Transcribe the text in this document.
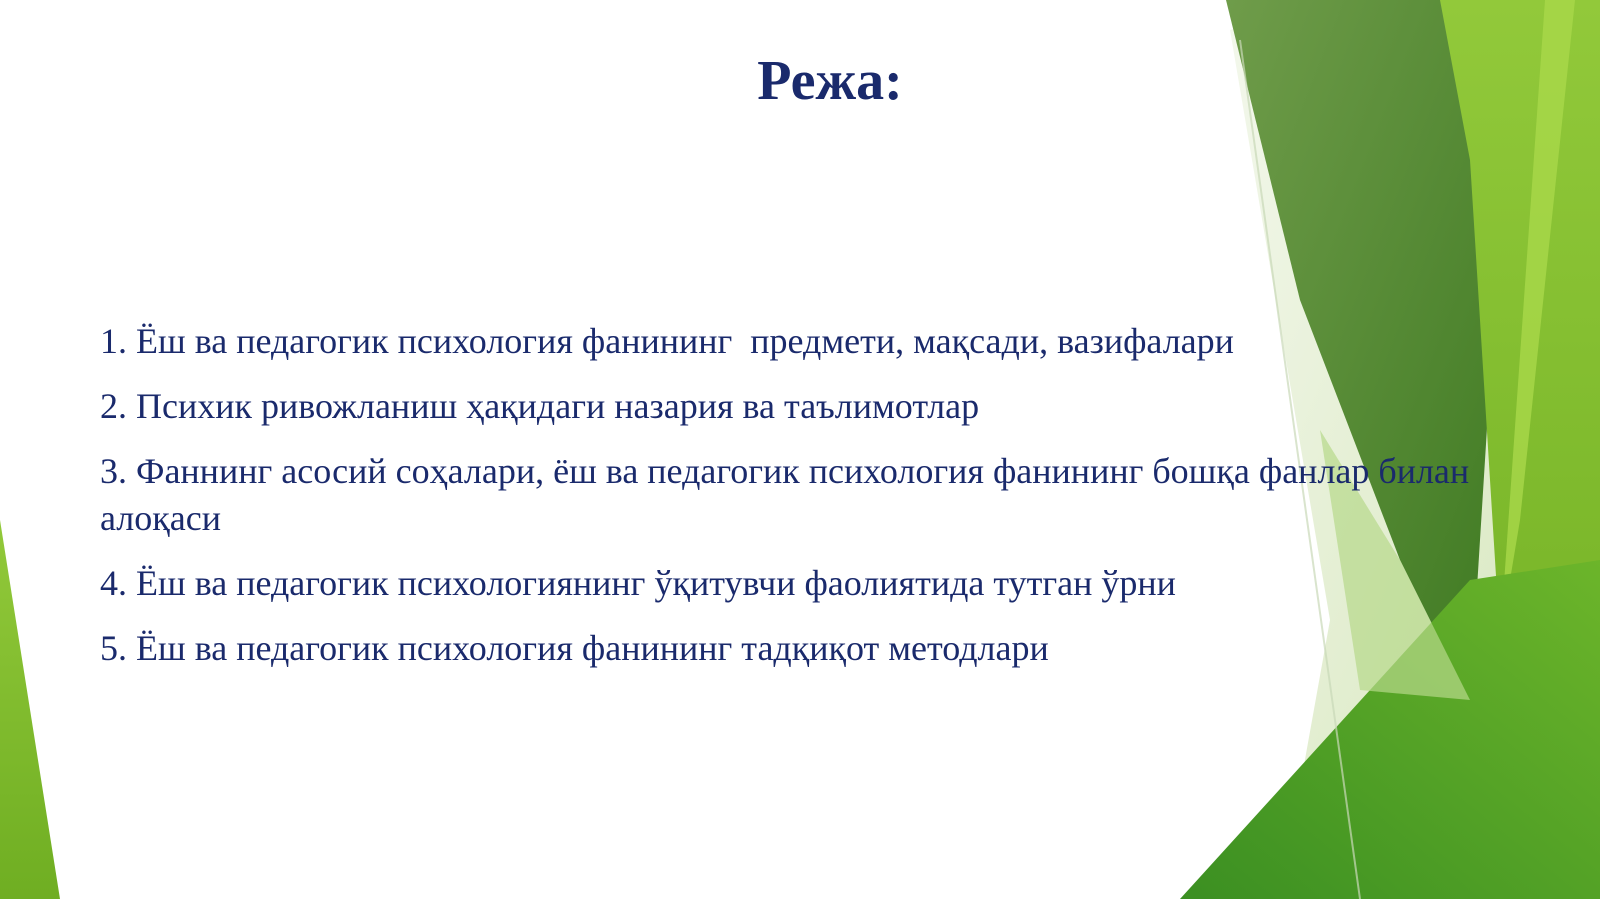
Режа:
1. Ёш ва педагогик психология фанининг  предмети, мақсади, вазифалари
2. Психик ривожланиш ҳақидаги назария ва таълимотлар
3. Фаннинг асосий соҳалари, ёш ва педагогик психология фанининг бошқа фанлар билан алоқаси
4. Ёш ва педагогик психологиянинг ўқитувчи фаолиятида тутган ўрни
5. Ёш ва педагогик психология фанининг тадқиқот методлари
